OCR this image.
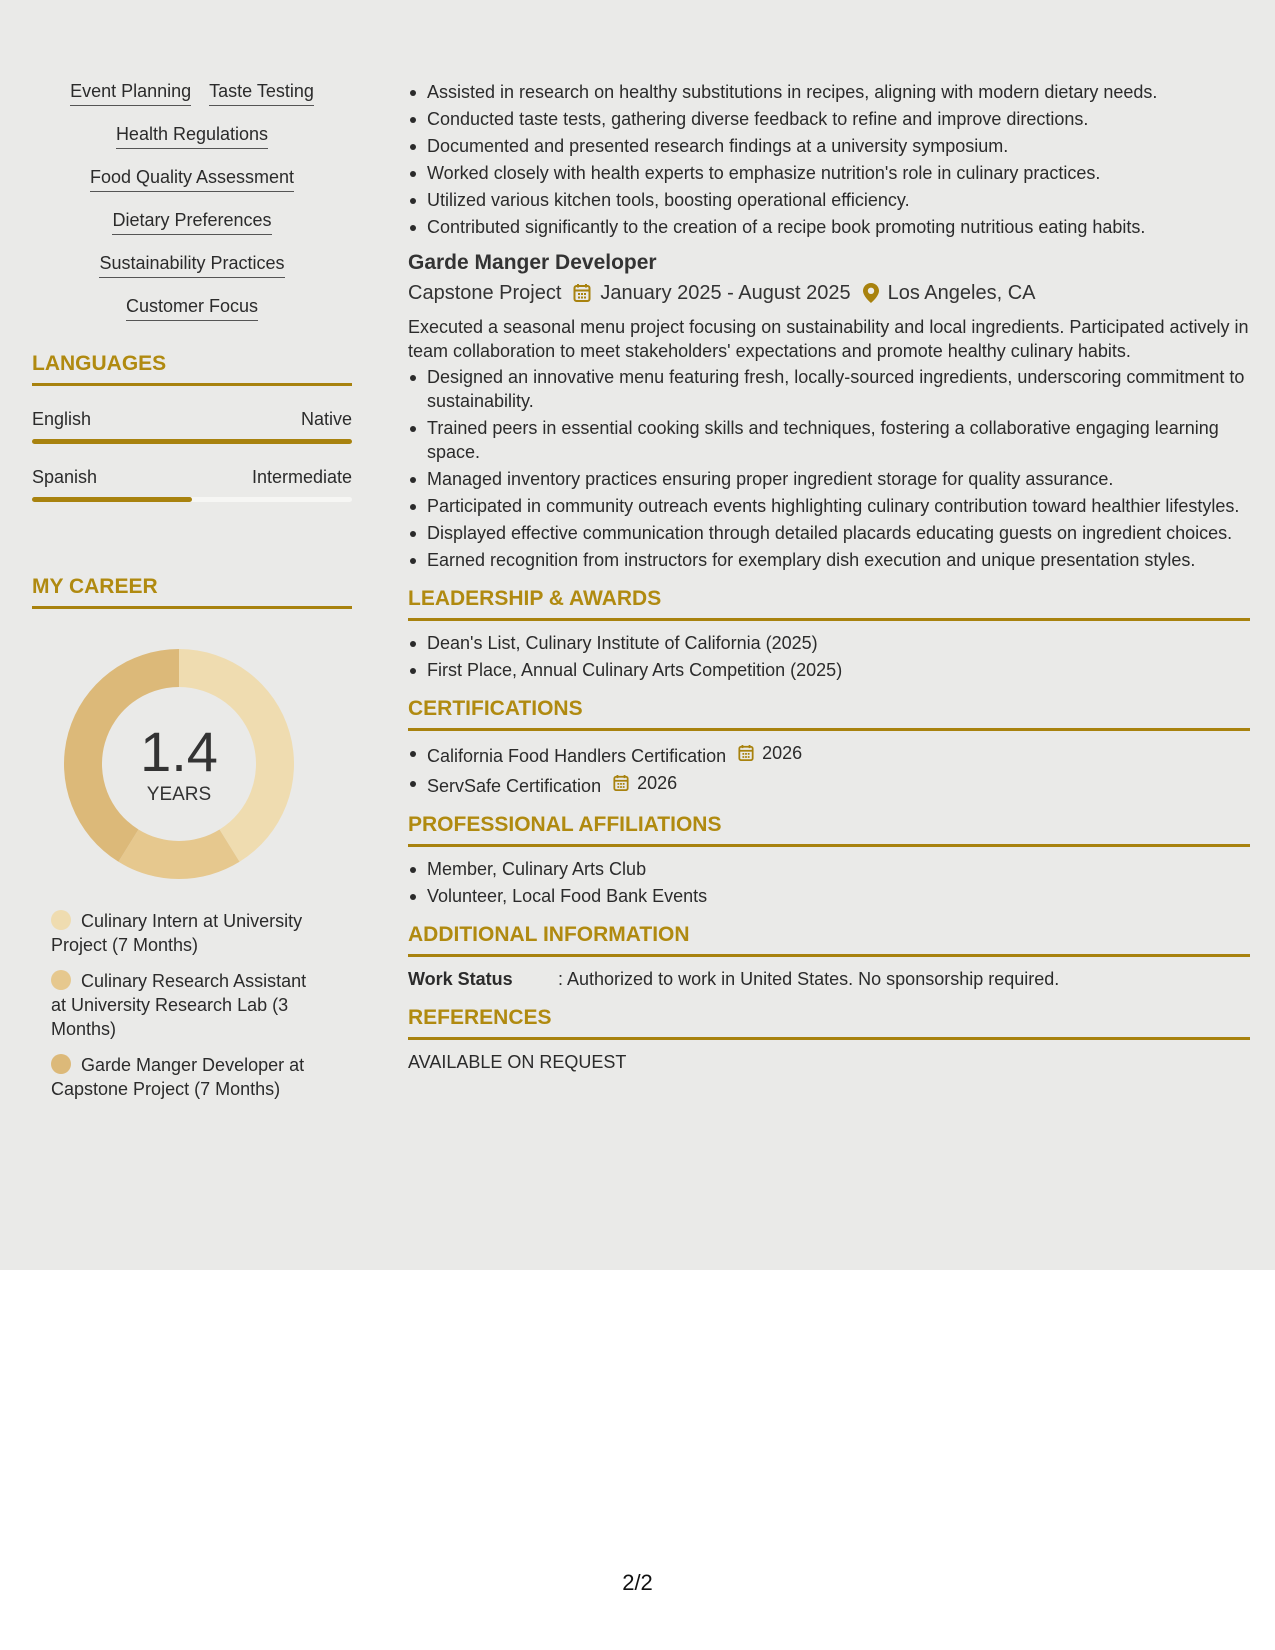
Event Planning Taste Testing
Health Regulations
Food Quality Assessment
Dietary Preferences
Sustainability Practices
Customer Focus
LANGUAGES
English	Native
Spanish	Intermediate
MY CAREER
1.4
YEARS
Culinary Intern at University Project (7 Months)
Culinary Research Assistant at University Research Lab (3 Months)
Garde Manger Developer at Capstone Project (7 Months)
Assisted in research on healthy substitutions in recipes, aligning with modern dietary needs.
Conducted taste tests, gathering diverse feedback to refine and improve directions.
Documented and presented research findings at a university symposium.
Worked closely with health experts to emphasize nutrition's role in culinary practices.
Utilized various kitchen tools, boosting operational efficiency.
Contributed significantly to the creation of a recipe book promoting nutritious eating habits.
Garde Manger Developer
Capstone Project January 2025 - August 2025 Los Angeles, CA
Executed a seasonal menu project focusing on sustainability and local ingredients. Participated actively in team collaboration to meet stakeholders' expectations and promote healthy culinary habits.
Designed an innovative menu featuring fresh, locally-sourced ingredients, underscoring commitment to sustainability.
Trained peers in essential cooking skills and techniques, fostering a collaborative engaging learning space.
Managed inventory practices ensuring proper ingredient storage for quality assurance.
Participated in community outreach events highlighting culinary contribution toward healthier lifestyles.
Displayed effective communication through detailed placards educating guests on ingredient choices.
Earned recognition from instructors for exemplary dish execution and unique presentation styles.
LEADERSHIP & AWARDS
Dean's List, Culinary Institute of California (2025)
First Place, Annual Culinary Arts Competition (2025)
CERTIFICATIONS
California Food Handlers Certification 2026
ServSafe Certification 2026
PROFESSIONAL AFFILIATIONS
Member, Culinary Arts Club
Volunteer, Local Food Bank Events
ADDITIONAL INFORMATION
Work Status	: Authorized to work in United States. No sponsorship required.
REFERENCES
AVAILABLE ON REQUEST
2/2
